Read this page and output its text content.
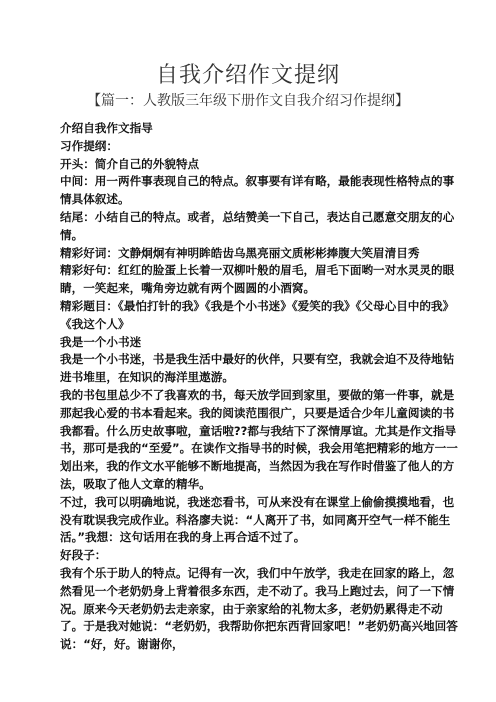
自我介绍作文提纲
【篇一：人教版三年级下册作文自我介绍习作提纲】

介绍自我作文指导

习作提纲：

开头：简介自己的外貌特点

中间：用一两件事表现自己的特点。叙事要有详有略，最能表现性格特点的事情具体叙述。

结尾：小结自己的特点。或者，总结赞美一下自己，表达自己愿意交朋友的心情。

精彩好词：文静炯炯有神明眸皓齿乌黑亮丽文质彬彬捧腹大笑眉清目秀

精彩好句：红红的脸蛋上长着一双柳叶般的眉毛，眉毛下面哟一对水灵灵的眼睛，一笑起来，嘴角旁边就有两个圆圆的小酒窝。

精彩题目：《最怕打针的我》《我是个小书迷》《爱笑的我》《父母心目中的我》《我这个人》

我是一个小书迷

我是一个小书迷，书是我生活中最好的伙伴，只要有空，我就会迫不及待地钻进书堆里，在知识的海洋里遨游。

我的书包里总少不了我喜欢的书，每天放学回到家里，要做的第一件事，就是那起我心爱的书本看起来。我的阅读范围很广，只要是适合少年儿童阅读的书我都看。什么历史故事啦，童话啦??都与我结下了深情厚谊。尤其是作文指导书，那可是我的“至爱”。在读作文指导书的时候，我会用笔把精彩的地方一一划出来，我的作文水平能够不断地提高，当然因为我在写作时借鉴了他人的方法，吸取了他人文章的精华。

不过，我可以明确地说，我迷恋看书，可从来没有在课堂上偷偷摸摸地看，也没有耽误我完成作业。科洛廖夫说：“人离开了书，如同离开空气一样不能生活。”我想：这句话用在我的身上再合适不过了。

好段子：

我有个乐于助人的特点。记得有一次，我们中午放学，我走在回家的路上，忽然看见一个老奶奶身上背着很多东西，走不动了。我马上跑过去，问了一下情况。原来今天老奶奶去走亲家，由于亲家给的礼物太多，老奶奶累得走不动了。于是我对她说：“老奶奶，我帮助你把东西背回家吧！”老奶奶高兴地回答说：“好，好。谢谢你，
